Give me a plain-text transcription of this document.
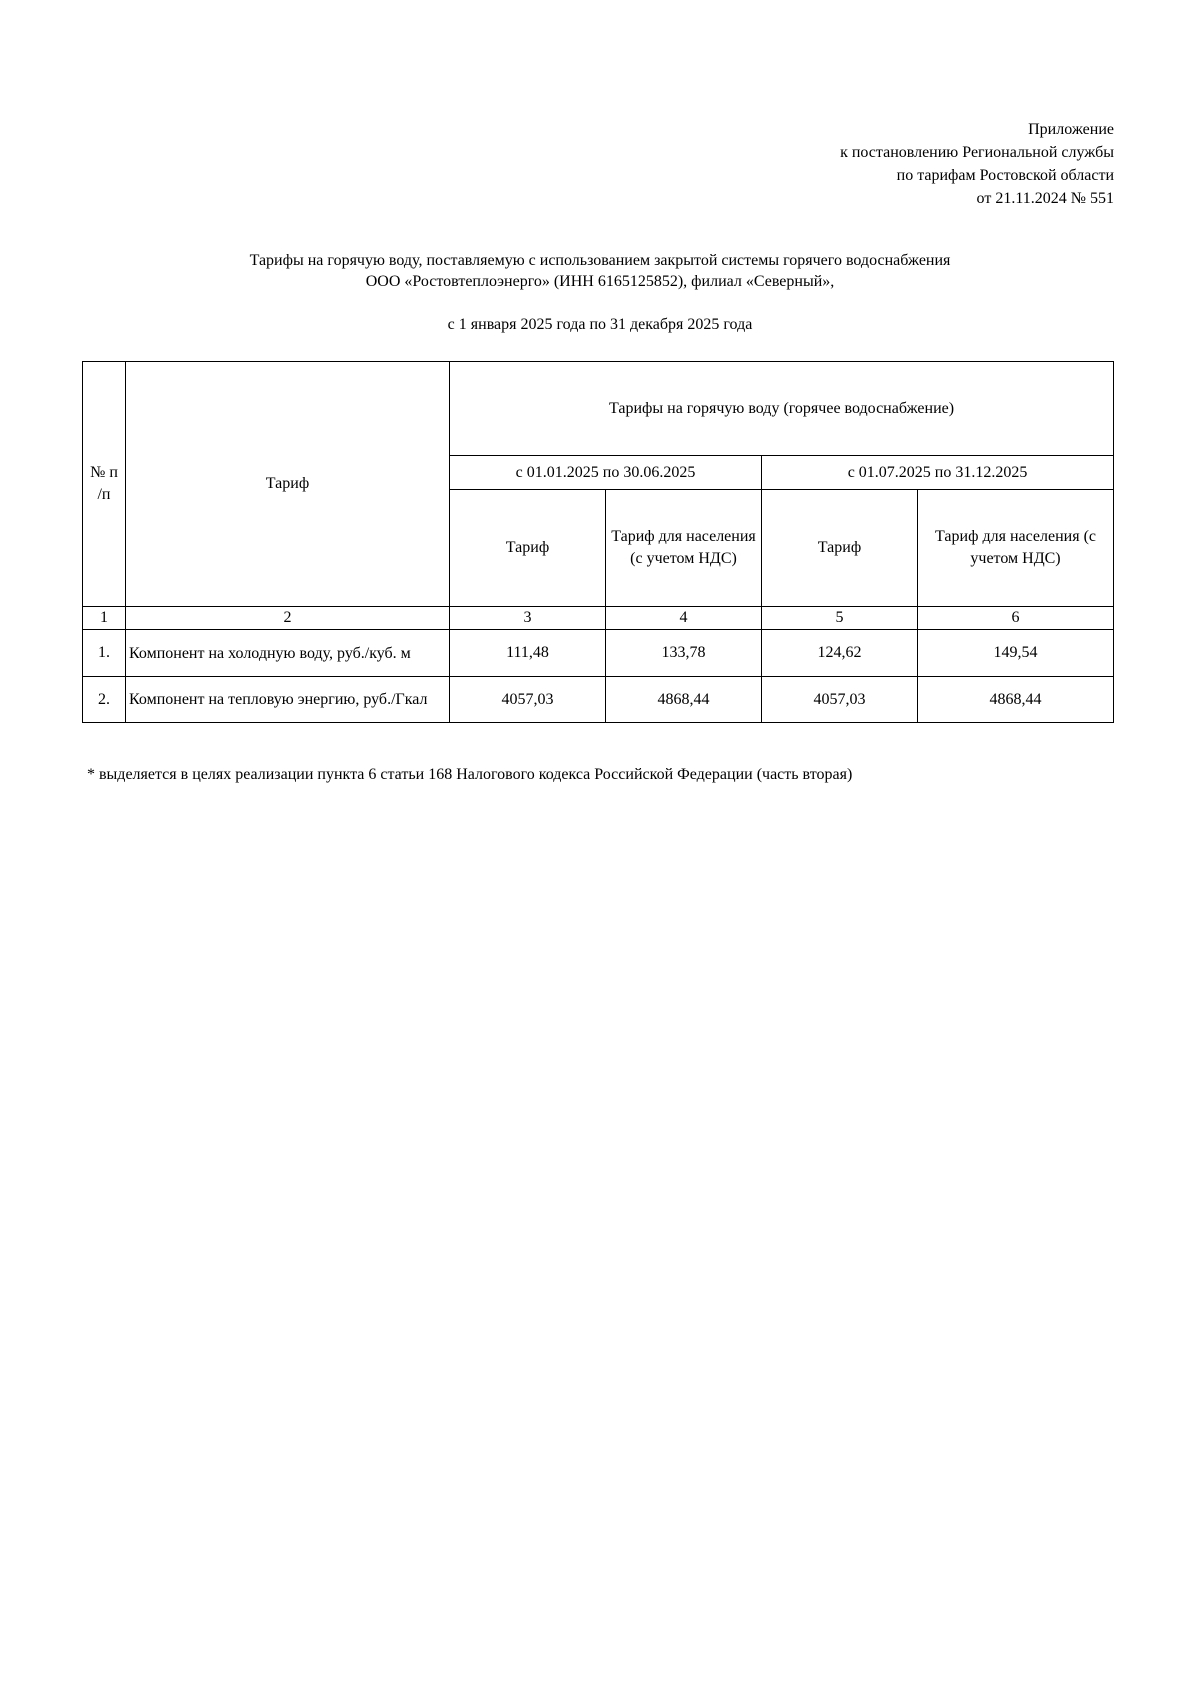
Приложение
к постановлению Региональной службы
по тарифам Ростовской области
от 21.11.2024 № 551
Тарифы на горячую воду, поставляемую с использованием закрытой системы горячего водоснабжения
ООО «Ростовтеплоэнерго» (ИНН 6165125852), филиал «Северный»,
с 1 января 2025 года по 31 декабря 2025 года
№ п /п	Тариф	Тарифы на горячую воду (горячее водоснабжение)			
		с 01.01.2025 по 30.06.2025		с 01.07.2025 по 31.12.2025	
		Тариф	Тариф для населения (с учетом НДС)	Тариф	Тариф для населения (с учетом НДС)
1	2	3	4	5	6
1.	Компонент на холодную воду, руб./куб. м	111,48	133,78	124,62	149,54
2.	Компонент на тепловую энергию, руб./Гкал	4057,03	4868,44	4057,03	4868,44
* выделяется в целях реализации пункта 6 статьи 168 Налогового кодекса Российской Федерации (часть вторая)
